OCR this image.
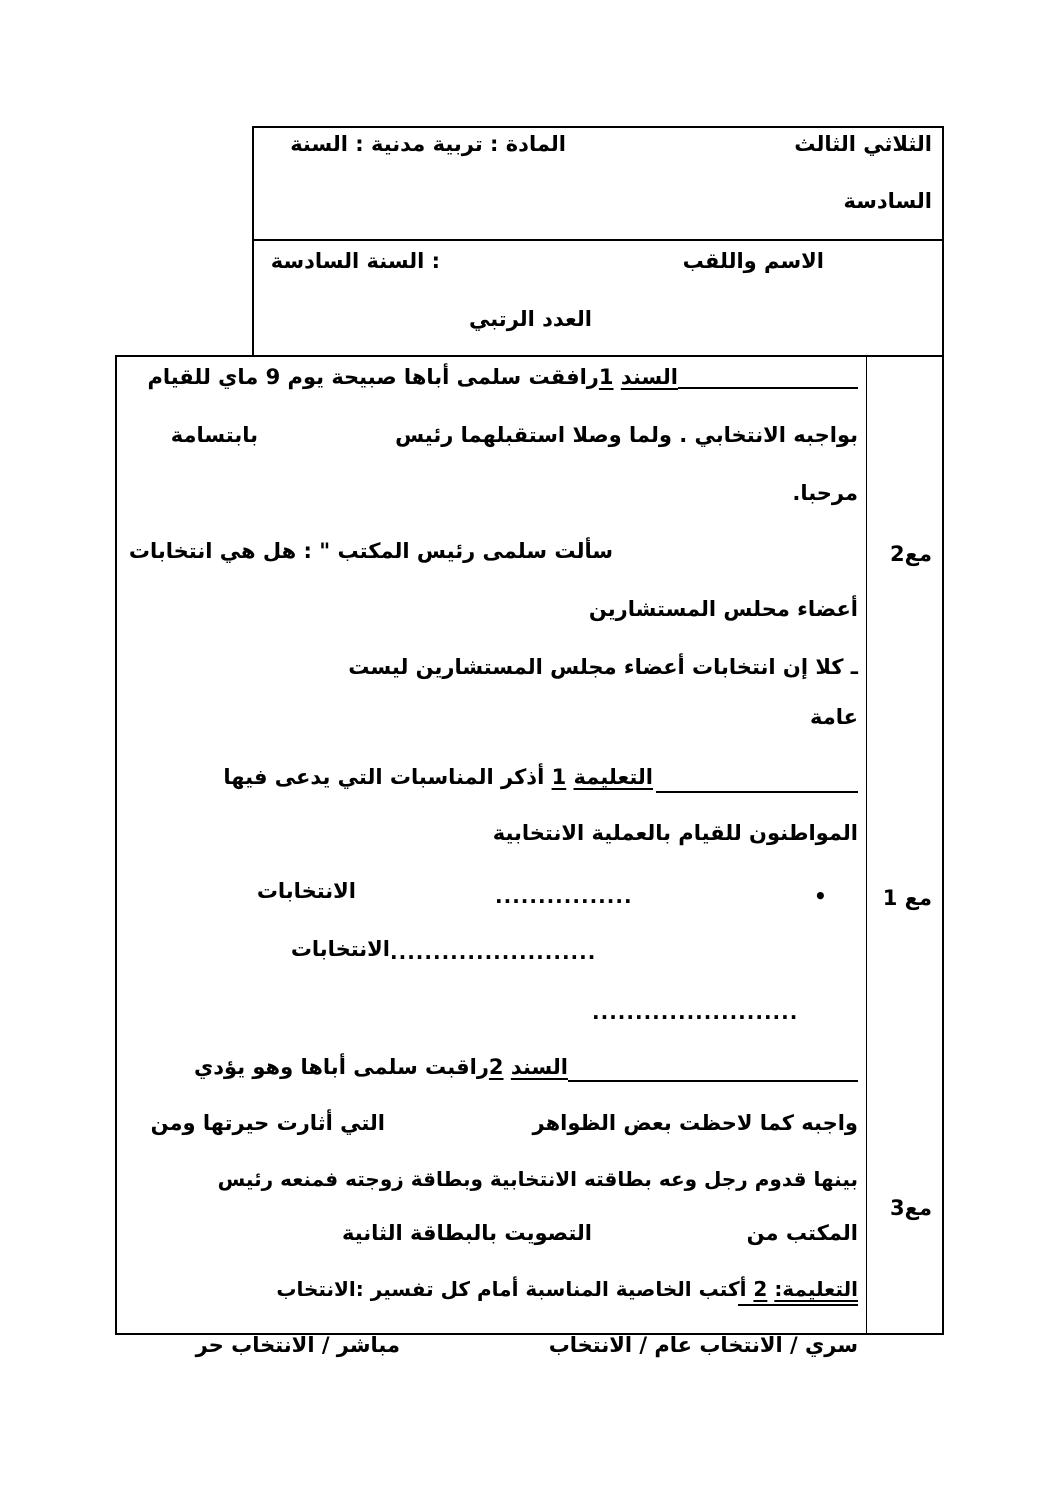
الثلاثي الثالث
المادة : تربية مدنية : السنة
السادسة
الاسم واللقب
: السنة السادسة
العدد الرتبي
مع2
مع 1
مع3
السند 1رافقت سلمى أباها صبيحة يوم 9 ماي للقيام
بواجبه الانتخابي . ولما وصلا استقبلهما رئيس
بابتسامة
مرحبا.
سألت سلمى رئيس المكتب " : هل هي انتخابات
أعضاء محلس المستشارين
ـ كلا إن انتخابات أعضاء مجلس المستشارين ليست
عامة
التعليمة 1 أذكر المناسبات التي يدعى فيها
المواطنون للقيام بالعملية الانتخابية
•
................
الانتخابات
........................
الانتخابات
........................
السند 2راقبت سلمى أباها وهو يؤدي
واجبه كما لاحظت بعض الظواهر
التي أثارت حيرتها ومن
بينها قدوم رجل وعه بطاقته الانتخابية وبطاقة زوجته فمنعه رئيس
المكتب من
التصويت بالبطاقة الثانية
التعليمة: 2 أكتب الخاصية المناسبة أمام كل تفسير :الانتخاب
سري / الانتخاب عام / الانتخاب
مباشر / الانتخاب حر
